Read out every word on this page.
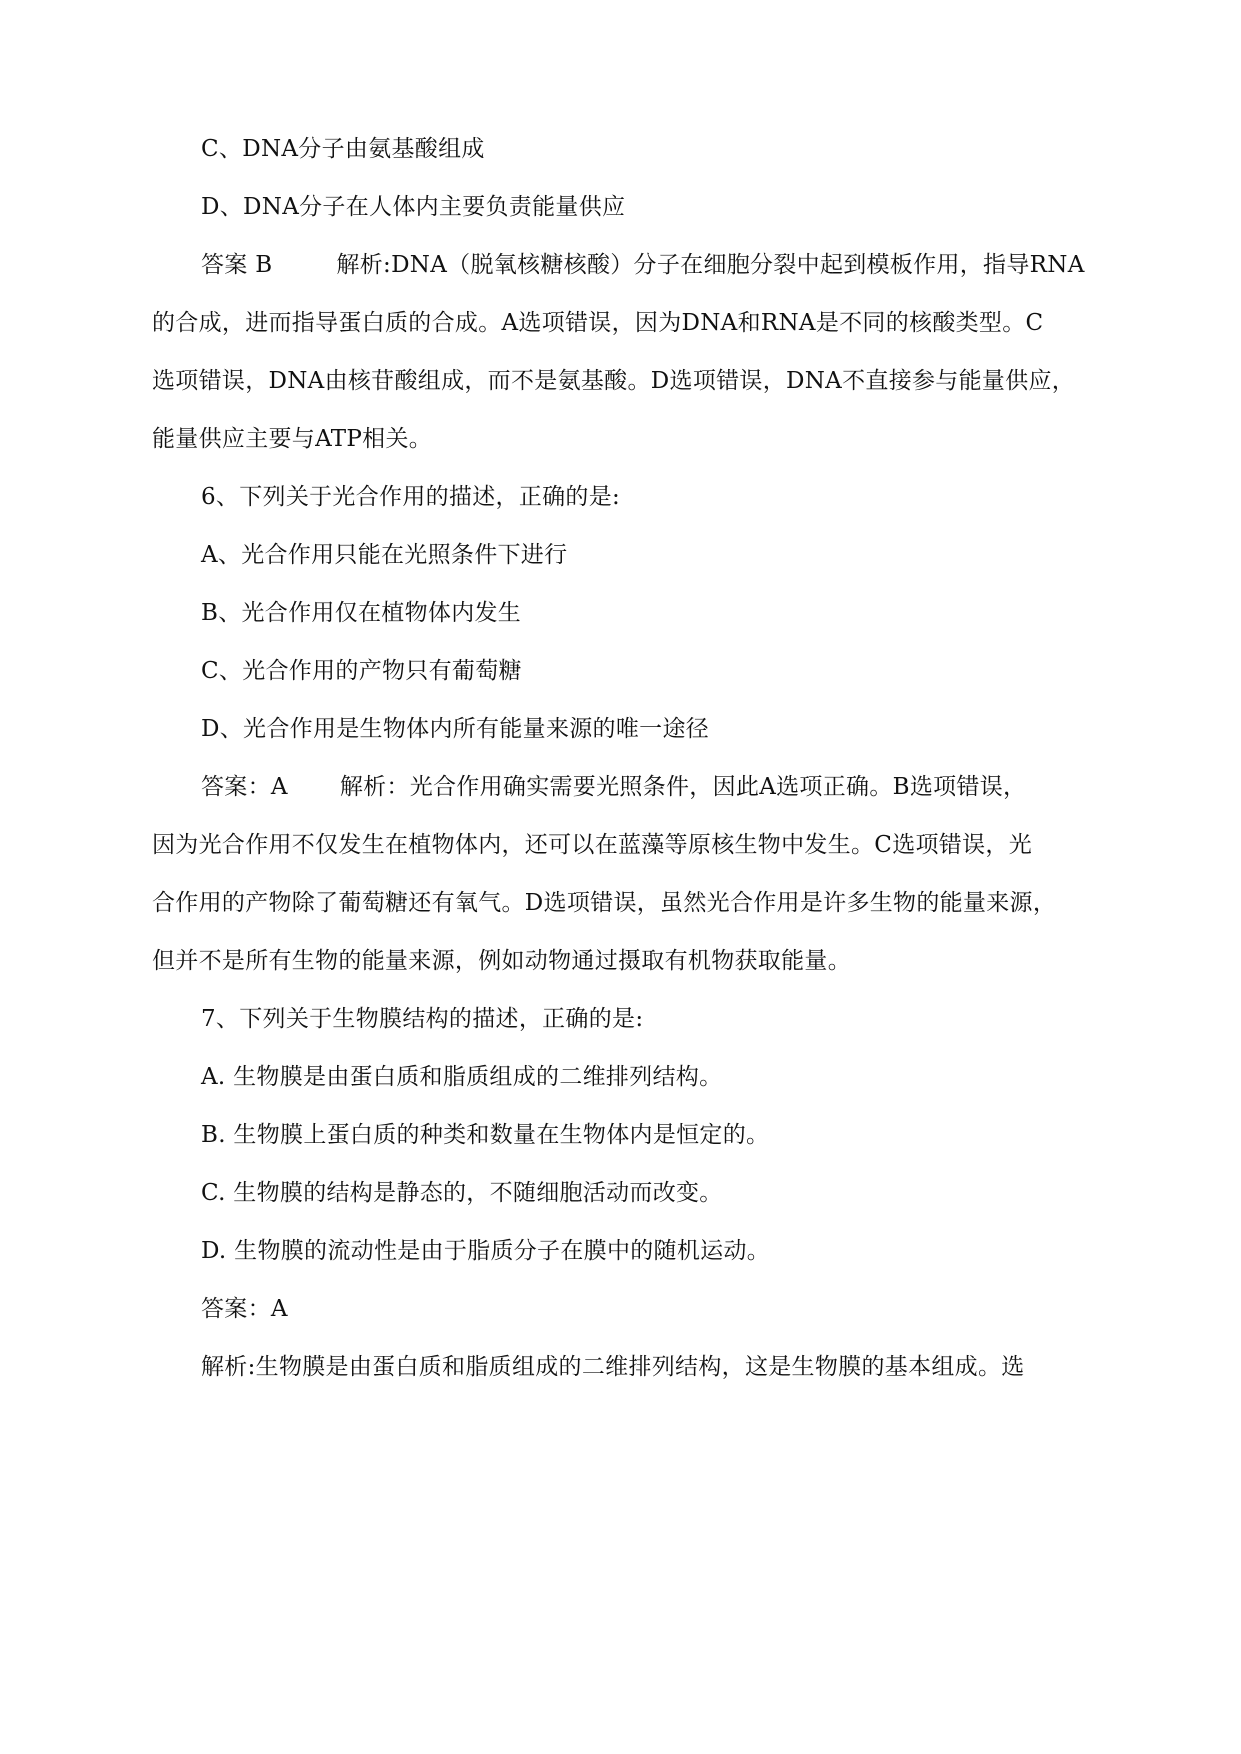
C、DNA分子由氨基酸组成
D、DNA分子在人体内主要负责能量供应
答案 B	解析:DNA（脱氧核糖核酸）分子在细胞分裂中起到模板作用，指导RNA
的合成，进而指导蛋白质的合成。A选项错误，因为DNA和RNA是不同的核酸类型。C
选项错误，DNA由核苷酸组成，而不是氨基酸。D选项错误，DNA不直接参与能量供应，
能量供应主要与ATP相关。
6、下列关于光合作用的描述，正确的是:
A、光合作用只能在光照条件下进行
B、光合作用仅在植物体内发生
C、光合作用的产物只有葡萄糖
D、光合作用是生物体内所有能量来源的唯一途径
答案：A 解析：光合作用确实需要光照条件，因此A选项正确。B选项错误，
因为光合作用不仅发生在植物体内，还可以在蓝藻等原核生物中发生。C选项错误，光
合作用的产物除了葡萄糖还有氧气。D选项错误，虽然光合作用是许多生物的能量来源，
但并不是所有生物的能量来源，例如动物通过摄取有机物获取能量。
7、下列关于生物膜结构的描述，正确的是:
A. 生物膜是由蛋白质和脂质组成的二维排列结构。
B. 生物膜上蛋白质的种类和数量在生物体内是恒定的。
C. 生物膜的结构是静态的，不随细胞活动而改变。
D. 生物膜的流动性是由于脂质分子在膜中的随机运动。
答案：A
解析:生物膜是由蛋白质和脂质组成的二维排列结构，这是生物膜的基本组成。选
